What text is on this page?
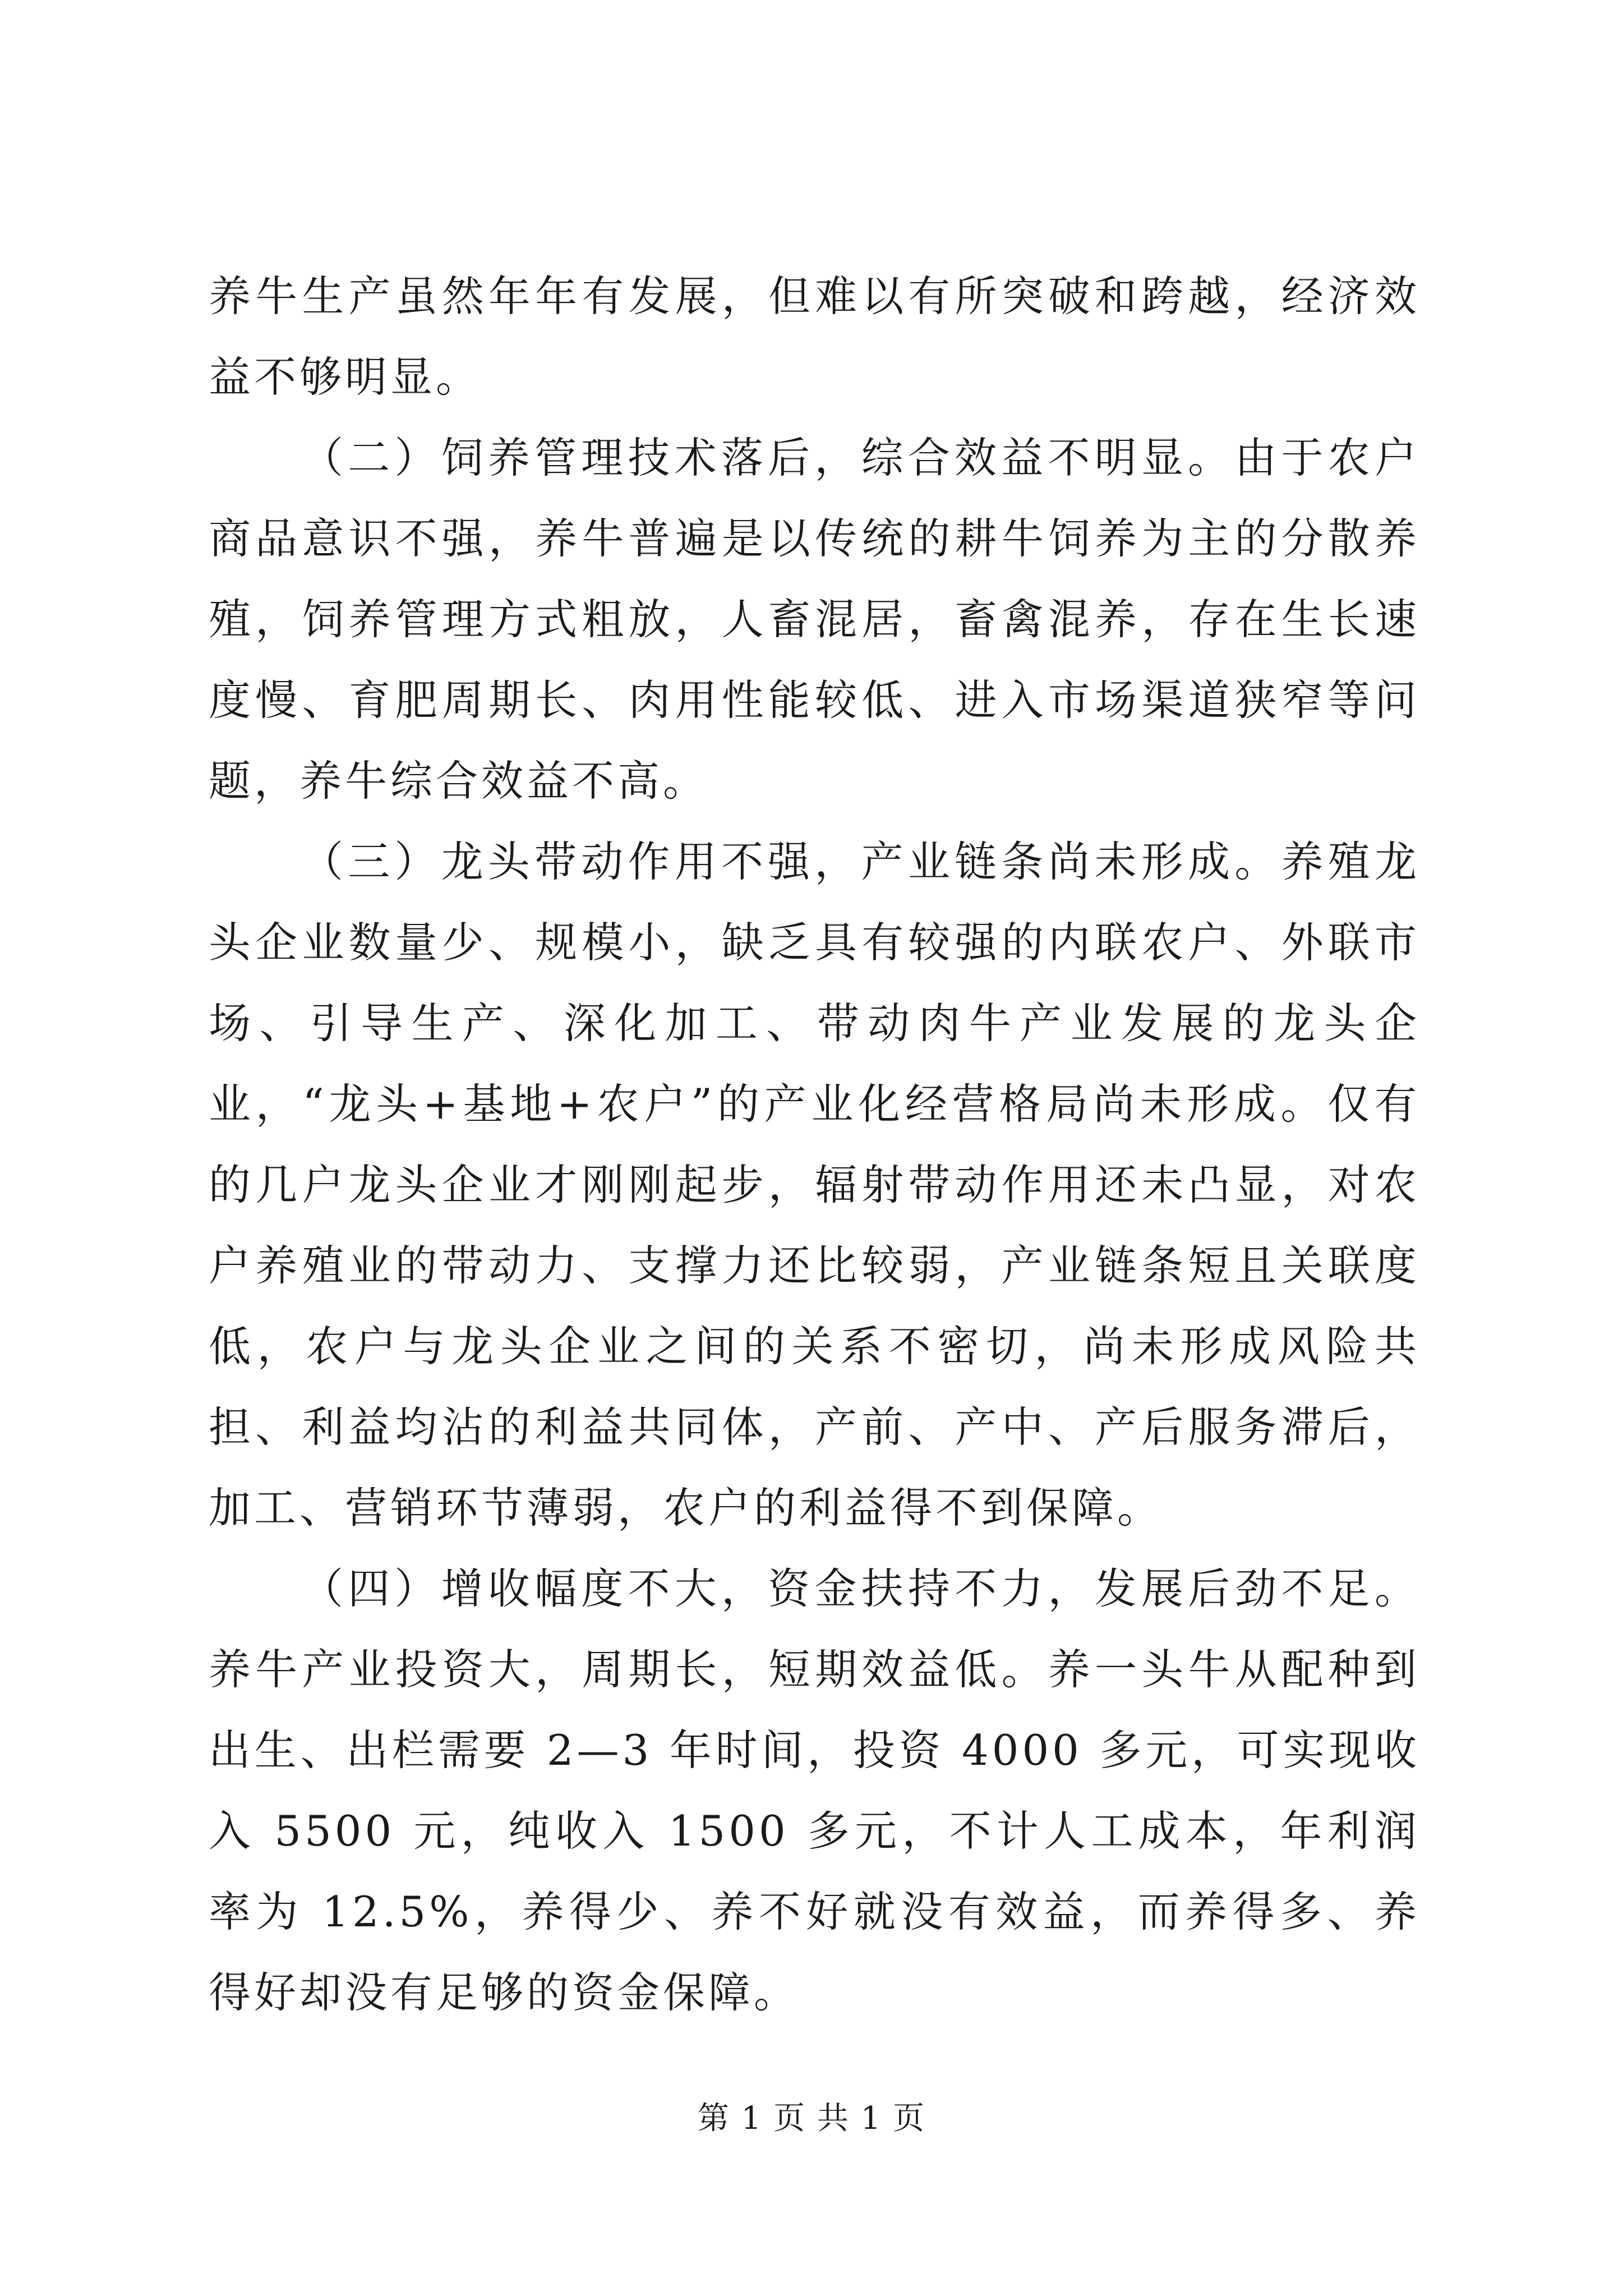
养牛生产虽然年年有发展，但难以有所突破和跨越，经济效益不够明显。

（二）饲养管理技术落后，综合效益不明显。由于农户商品意识不强，养牛普遍是以传统的耕牛饲养为主的分散养殖，饲养管理方式粗放，人畜混居，畜禽混养，存在生长速度慢、育肥周期长、肉用性能较低、进入市场渠道狭窄等问题，养牛综合效益不高。

（三）龙头带动作用不强，产业链条尚未形成。养殖龙头企业数量少、规模小，缺乏具有较强的内联农户、外联市场、引导生产、深化加工、带动肉牛产业发展的龙头企业，“龙头+基地+农户”的产业化经营格局尚未形成。仅有的几户龙头企业才刚刚起步，辐射带动作用还未凸显，对农户养殖业的带动力、支撑力还比较弱，产业链条短且关联度低，农户与龙头企业之间的关系不密切，尚未形成风险共担、利益均沾的利益共同体，产前、产中、产后服务滞后，加工、营销环节薄弱，农户的利益得不到保障。

（四）增收幅度不大，资金扶持不力，发展后劲不足。养牛产业投资大，周期长，短期效益低。养一头牛从配种到出生、出栏需要 2—3 年时间，投资 4000 多元，可实现收入 5500 元，纯收入 1500 多元，不计人工成本，年利润率为 12.5%，养得少、养不好就没有效益，而养得多、养得好却没有足够的资金保障。

第 1 页 共 1 页
